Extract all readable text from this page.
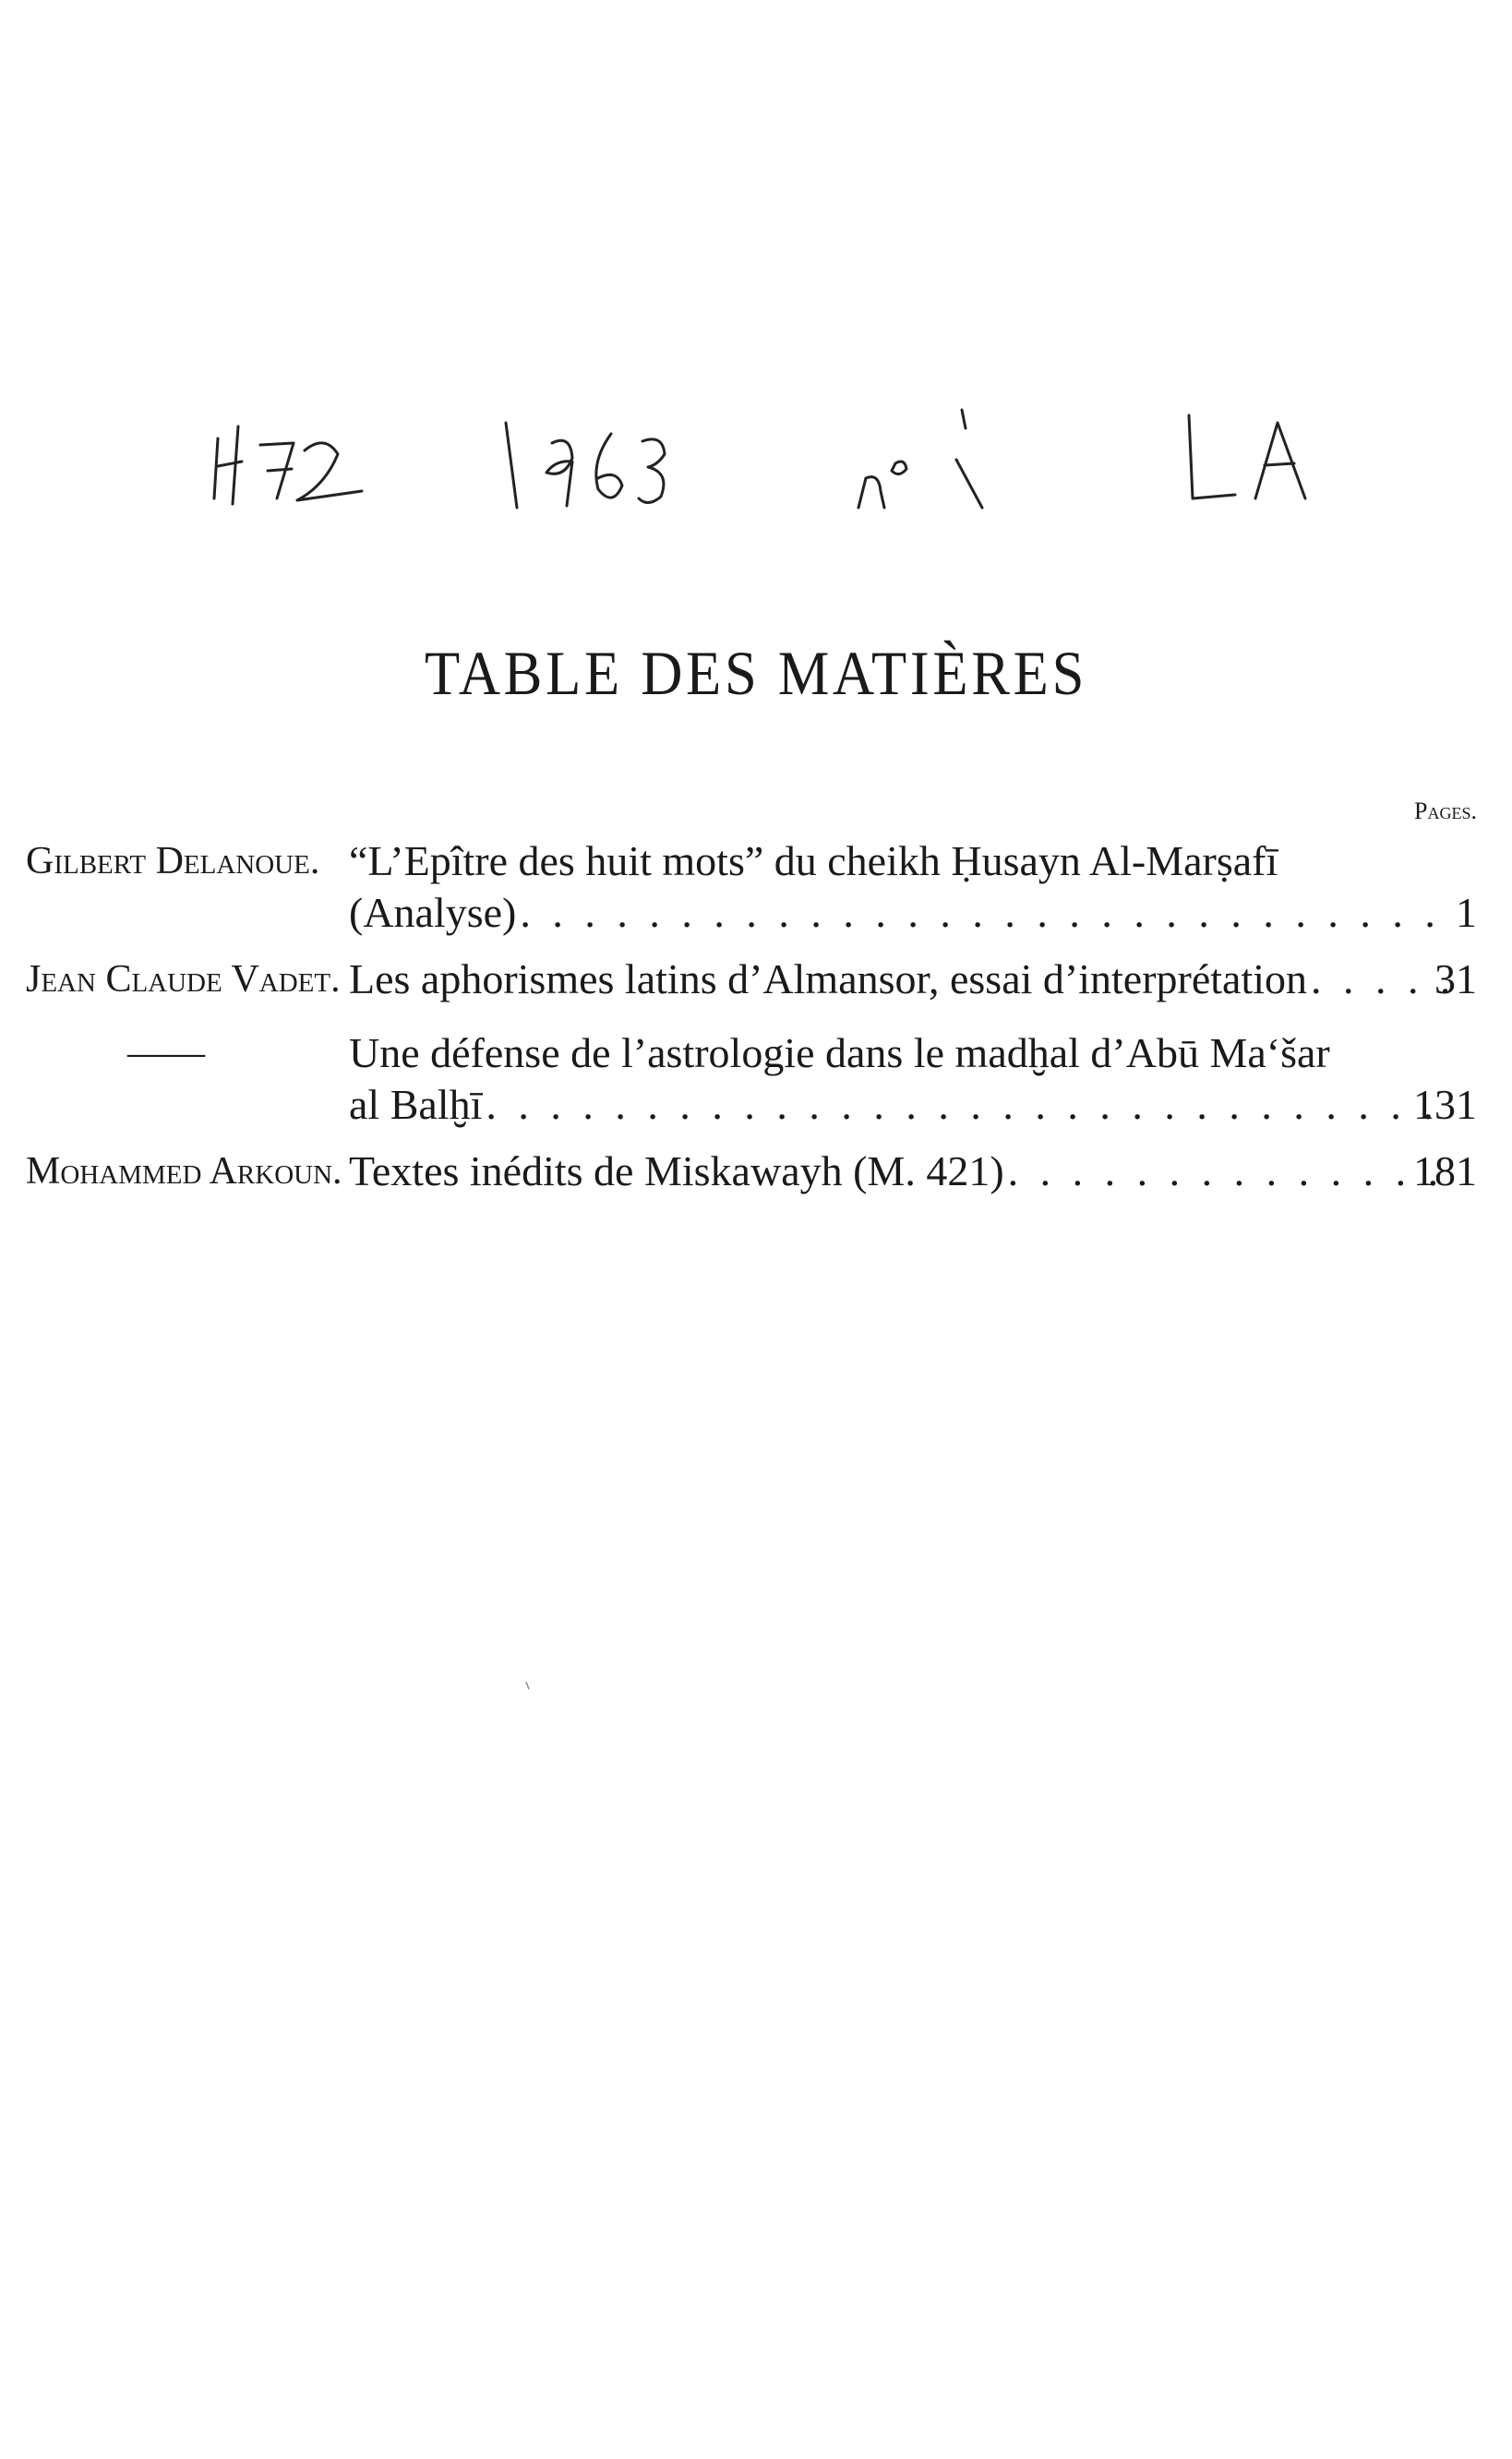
TABLE DES MATIÈRES
Pages.
Gilbert Delanoue. “L’Epître des huit mots” du cheikh Ḥusayn Al-Marṣafī
(Analyse) . . .	1
Jean Claude Vadet. Les aphorismes latins d’Almansor, essai d’interprétation . . .	31
——	Une défense de l’astrologie dans le madḫal d’Abū Ma‘šar
al Balḫī . . .	131
Mohammed Arkoun. Textes inédits de Miskawayh (M. 421) . . .	181
